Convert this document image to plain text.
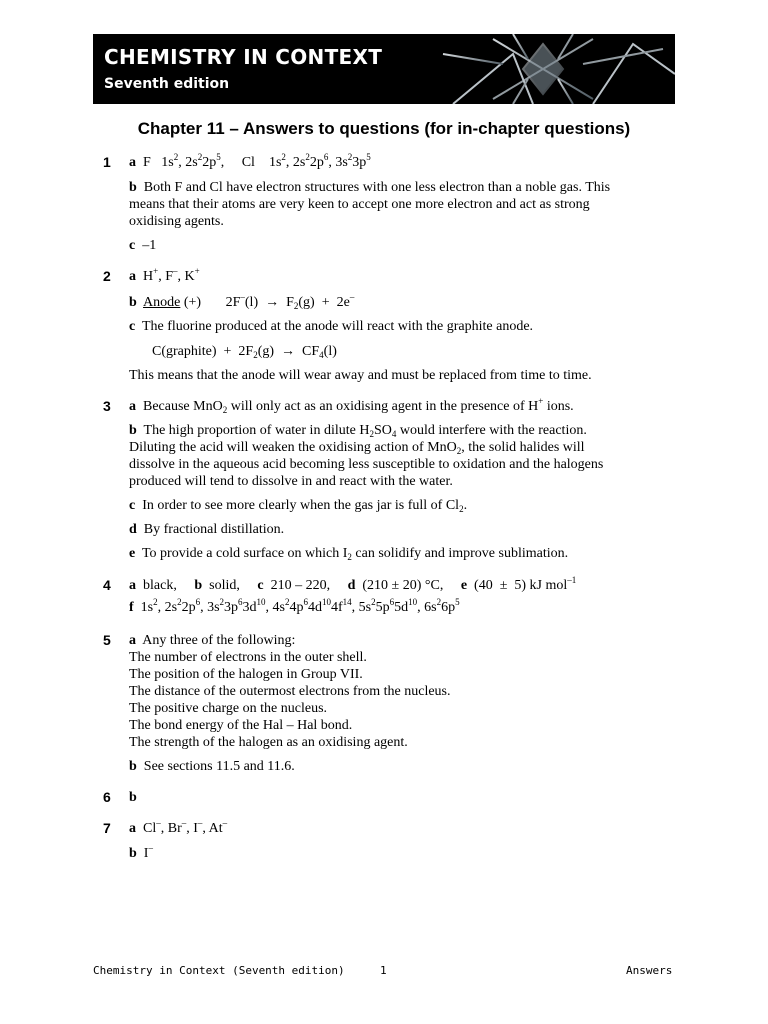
CHEMISTRY IN CONTEXT
Seventh edition
Chapter 11 – Answers to questions (for in-chapter questions)
1 a F   $1s^2$, $2s^22p^5$,     Cl    $1s^2$, $2s^22p^6$, $3s^23p^5$
b Both F and Cl have electron structures with one less electron than a noble gas. This
means that their atoms are very keen to accept one more electron and act as strong
oxidising agents.
c –1
2 a  H+, F–, K+
b Anode (+)       $2F^-(l) \to F_2(g) + 2e^-$
c The fluorine produced at the anode will react with the graphite anode.
C(graphite)  +  $2F_2(g) \to CF_4(l)$
This means that the anode will wear away and must be replaced from time to time.
3 a  Because MnO$_2$ will only act as an oxidising agent in the presence of H+ ions.
b  The high proportion of water in dilute $H_2SO_4$ would interfere with the reaction.
Diluting the acid will weaken the oxidising action of MnO$_2$, the solid halides will
dissolve in the aqueous acid becoming less susceptible to oxidation and the halogens
produced will tend to dissolve in and react with the water.
c  In order to see more clearly when the gas jar is full of $Cl_2$.
d By fractional distillation.
e  To provide a cold surface on which $I_2$ can solidify and improve sublimation.
4 a black, b solid, c 210 – 220, d (210 ± 20) °C, e  (40  ±  5) kJ mol$^{-1}$
f  $1s^2$, $2s^22p^6$, $3s^23p^63d^{10}$, $4s^24p^64d^{10}4f^{14}$, $5s^25p^65d^{10}$, $6s^26p^5$
5 a Any three of the following:
The number of electrons in the outer shell.
The position of the halogen in Group VII.
The distance of the outermost electrons from the nucleus.
The positive charge on the nucleus.
The bond energy of the Hal – Hal bond.
The strength of the halogen as an oxidising agent.
b See sections 11.5 and 11.6.
6 b
7 a  Cl–, Br–, I–, At–
b  I–
Chemistry in Context (Seventh edition)	1	Answers
